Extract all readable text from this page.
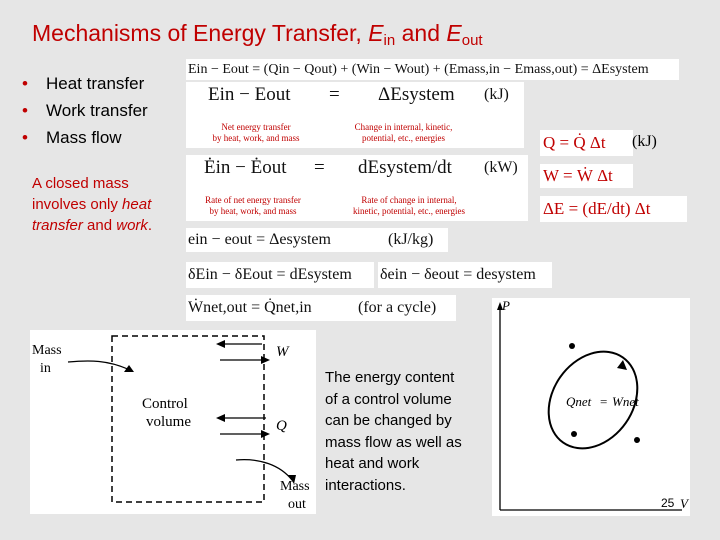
Mechanisms of Energy Transfer, $E_{in}$ and $E_{out}$
• Heat transfer
• Work transfer
• Mass flow
A closed mass involves only heat transfer and work.
Ein − Eout = (Qin − Qout) + (Win − Wout) + (Emass,in − Emass,out) = ΔEsystem
Ein − Eout = ΔEsystem (kJ)
Net energy transfer
by heat, work, and mass
Change in internal, kinetic,
potential, etc., energies
Ėin − Ėout = dEsystem/dt (kW)
Rate of net energy transfer
by heat, work, and mass
Rate of change in internal,
kinetic, potential, etc., energies
ein − eout = Δesystem	(kJ/kg)
δEin − δEout = dEsystem	δein − δeout = desystem
Ẇnet,out = Q̇net,in	(for a cycle)
Q = Q̇ Δt	(kJ)
W = Ẇ Δt
ΔE = (dE/dt) Δt
P
V
Qnet = Wnet
25
Mass
in
Control
volume
W
Q
Mass
out
The energy content of a control volume can be changed by mass flow as well as heat and work interactions.
